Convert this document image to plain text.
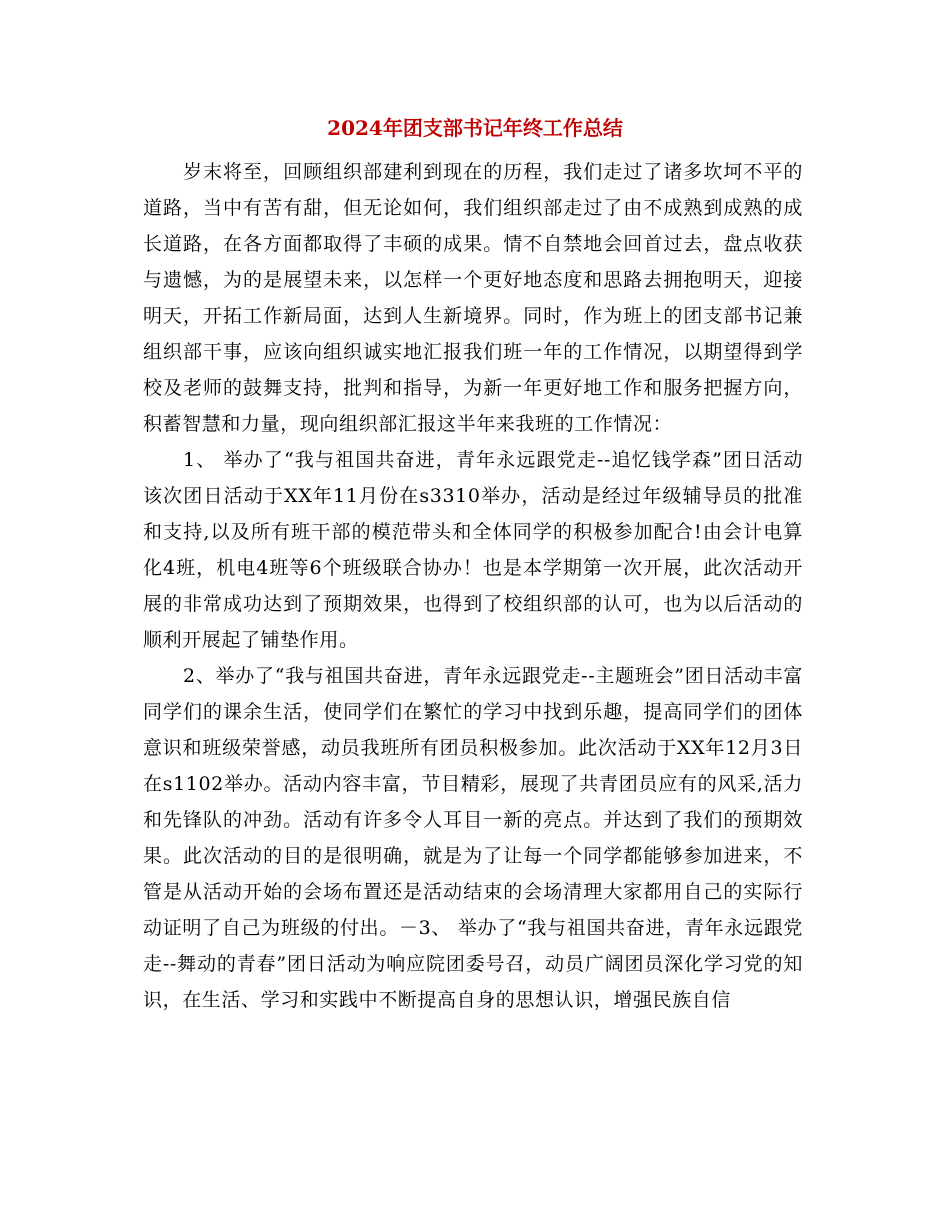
2024年团支部书记年终工作总结

岁末将至，回顾组织部建利到现在的历程，我们走过了诸多坎坷不平的道路，当中有苦有甜，但无论如何，我们组织部走过了由不成熟到成熟的成长道路，在各方面都取得了丰硕的成果。情不自禁地会回首过去，盘点收获与遗憾，为的是展望未来，以怎样一个更好地态度和思路去拥抱明天，迎接明天，开拓工作新局面，达到人生新境界。同时，作为班上的团支部书记兼组织部干事，应该向组织诚实地汇报我们班一年的工作情况，以期望得到学校及老师的鼓舞支持，批判和指导，为新一年更好地工作和服务把握方向，积蓄智慧和力量，现向组织部汇报这半年来我班的工作情况：

1、 举办了“我与祖国共奋进，青年永远跟党走--追忆钱学森”团日活动该次团日活动于XX年11月份在s3310举办，活动是经过年级辅导员的批准和支持,以及所有班干部的模范带头和全体同学的积极参加配合!由会计电算化4班，机电4班等6个班级联合协办！也是本学期第一次开展，此次活动开展的非常成功达到了预期效果，也得到了校组织部的认可，也为以后活动的顺利开展起了铺垫作用。

2、举办了“我与祖国共奋进，青年永远跟党走--主题班会”团日活动丰富同学们的课余生活，使同学们在繁忙的学习中找到乐趣，提高同学们的团体意识和班级荣誉感，动员我班所有团员积极参加。此次活动于XX年12月3日在s1102举办。活动内容丰富，节目精彩，展现了共青团员应有的风采,活力和先锋队的冲劲。活动有许多令人耳目一新的亮点。并达到了我们的预期效果。此次活动的目的是很明确，就是为了让每一个同学都能够参加进来，不管是从活动开始的会场布置还是活动结束的会场清理大家都用自己的实际行动证明了自己为班级的付出。－3、 举办了“我与祖国共奋进，青年永远跟党走--舞动的青春”团日活动为响应院团委号召，动员广阔团员深化学习党的知识，在生活、学习和实践中不断提高自身的思想认识，增强民族自信
